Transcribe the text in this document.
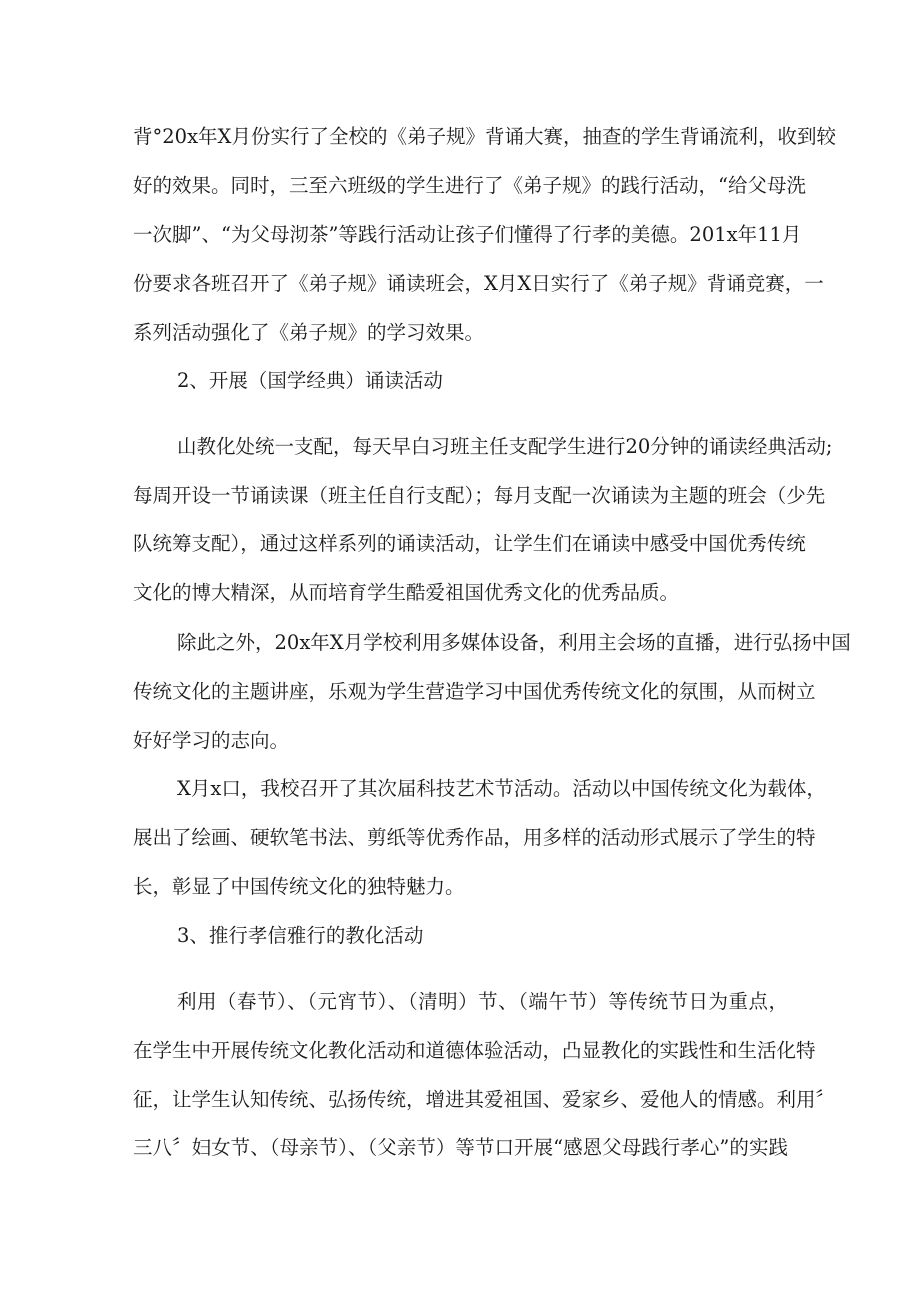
背°20x年X月份实行了全校的《弟子规》背诵大赛，抽查的学生背诵流利，收到较

好的效果。同时，三至六班级的学生进行了《弟子规》的践行活动，“给父母洗

一次脚”、“为父母沏茶”等践行活动让孩子们懂得了行孝的美德。201x年11月

份要求各班召开了《弟子规》诵读班会，X月X日实行了《弟子规》背诵竞赛，一

系列活动强化了《弟子规》的学习效果。

2、开展（国学经典）诵读活动

山教化处统一支配，每天早白习班主任支配学生进行20分钟的诵读经典活动;

每周开设一节诵读课（班主任自行支配）；每月支配一次诵读为主题的班会（少先

队统筹支配），通过这样系列的诵读活动，让学生们在诵读中感受中国优秀传统

文化的博大精深，从而培育学生酷爱祖国优秀文化的优秀品质。

除此之外，20x年X月学校利用多媒体设备，利用主会场的直播，进行弘扬中国

传统文化的主题讲座，乐观为学生营造学习中国优秀传统文化的氛围，从而树立

好好学习的志向。

X月x口，我校召开了其次届科技艺术节活动。活动以中国传统文化为载体，

展出了绘画、硬软笔书法、剪纸等优秀作品，用多样的活动形式展示了学生的特

长，彰显了中国传统文化的独特魅力。

3、推行孝信雅行的教化活动

利用（春节）、（元宵节）、（清明）节、（端午节）等传统节日为重点，

在学生中开展传统文化教化活动和道德体验活动，凸显教化的实践性和生活化特

征，让学生认知传统、弘扬传统，增进其爱祖国、爱家乡、爱他人的情感。利用〞

三八〞妇女节、（母亲节）、（父亲节）等节口开展“感恩父母践行孝心”的实践
